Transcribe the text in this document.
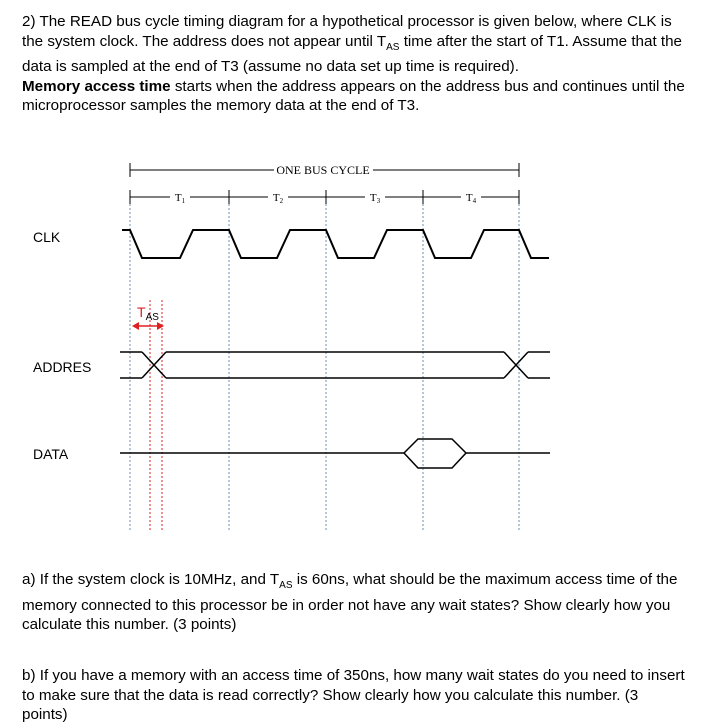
2) The READ bus cycle timing diagram for a hypothetical processor is given below, where CLK is the system clock. The address does not appear until $T_{AS}$ time after the start of T1. Assume that the data is sampled at the end of T3 (assume no data set up time is required).
Memory access time starts when the address appears on the address bus and continues until the microprocessor samples the memory data at the end of T3.

ONE BUS CYCLE
T1	T2	T3	T4
CLK
$T_{AS}$
ADDRES
DATA

a) If the system clock is 10MHz, and $T_{AS}$ is 60ns, what should be the maximum access time of the memory connected to this processor be in order not have any wait states? Show clearly how you calculate this number. (3 points)

b) If you have a memory with an access time of 350ns, how many wait states do you need to insert to make sure that the data is read correctly? Show clearly how you calculate this number. (3 points)
